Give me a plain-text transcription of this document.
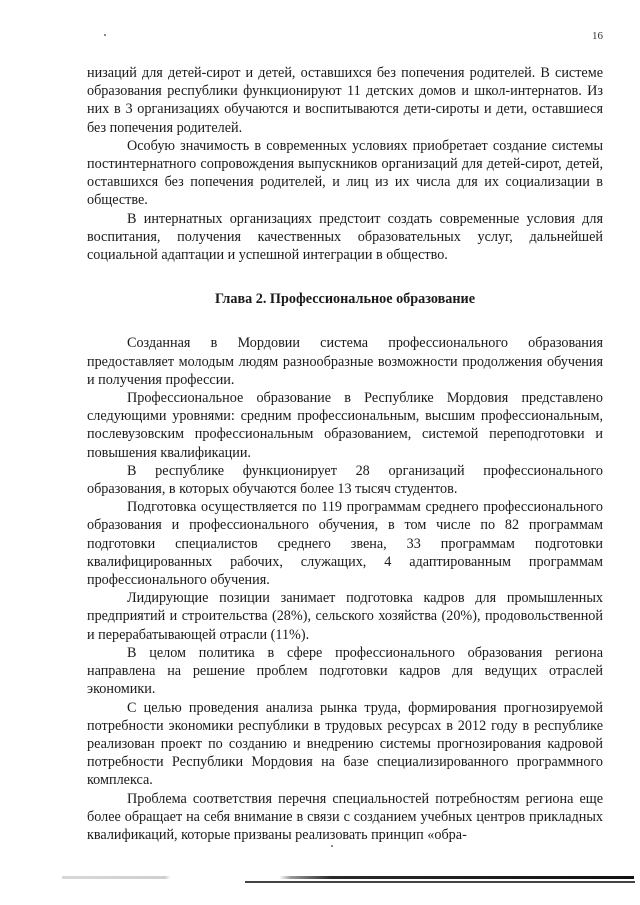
16

низаций для детей-сирот и детей, оставшихся без попечения родителей. В системе образования республики функционируют 11 детских домов и школ-интернатов. Из них в 3 организациях обучаются и воспитываются дети-сироты и дети, оставшиеся без попечения родителей.

Особую значимость в современных условиях приобретает создание системы постинтернатного сопровождения выпускников организаций для детей-сирот, детей, оставшихся без попечения родителей, и лиц из их числа для их социализации в обществе.

В интернатных организациях предстоит создать современные условия для воспитания, получения качественных образовательных услуг, дальнейшей социальной адаптации и успешной интеграции в общество.

Глава 2. Профессиональное образование

Созданная в Мордовии система профессионального образования предоставляет молодым людям разнообразные возможности продолжения обучения и получения профессии.

Профессиональное образование в Республике Мордовия представлено следующими уровнями: средним профессиональным, высшим профессиональным, послевузовским профессиональным образованием, системой переподготовки и повышения квалификации.

В республике функционирует 28 организаций профессионального образования, в которых обучаются более 13 тысяч студентов.

Подготовка осуществляется по 119 программам среднего профессионального образования и профессионального обучения, в том числе по 82 программам подготовки специалистов среднего звена, 33 программам подготовки квалифицированных рабочих, служащих, 4 адаптированным программам профессионального обучения.

Лидирующие позиции занимает подготовка кадров для промышленных предприятий и строительства (28%), сельского хозяйства (20%), продовольственной и перерабатывающей отрасли (11%).

В целом политика в сфере профессионального образования региона направлена на решение проблем подготовки кадров для ведущих отраслей экономики.

С целью проведения анализа рынка труда, формирования прогнозируемой потребности экономики республики в трудовых ресурсах в 2012 году в республике реализован проект по созданию и внедрению системы прогнозирования кадровой потребности Республики Мордовия на базе специализированного программного комплекса.

Проблема соответствия перечня специальностей потребностям региона еще более обращает на себя внимание в связи с созданием учебных центров прикладных квалификаций, которые призваны реализовать принцип «обра-
